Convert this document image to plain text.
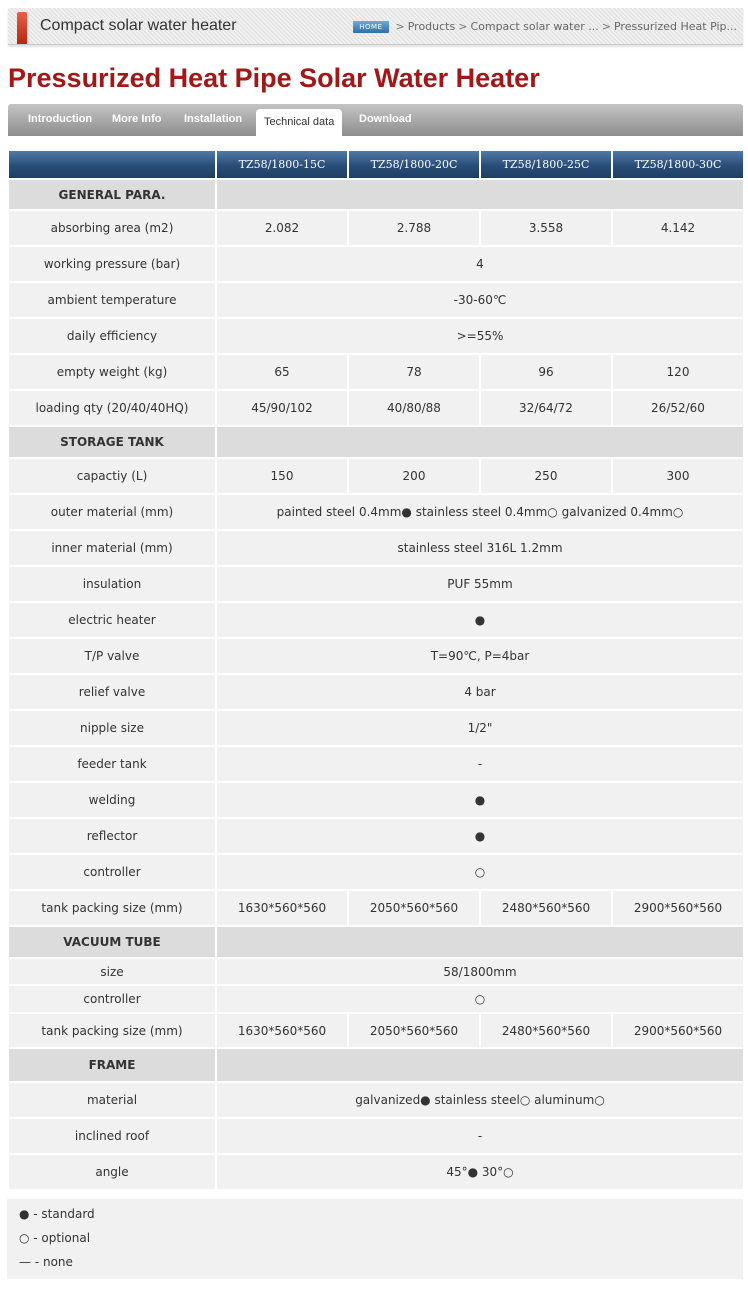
Compact solar water heater	HOME	> Products > Compact solar water ... > Pressurized Heat Pip...
Pressurized Heat Pipe Solar Water Heater
Introduction More Info Installation	Technical data	Download
	TZ58/1800-15C	TZ58/1800-20C	TZ58/1800-25C	TZ58/1800-30C
GENERAL PARA.				
absorbing area (m2)	2.082	2.788	3.558	4.142
working pressure (bar)	4			
ambient temperature	-30-60℃			
daily efficiency	>=55%			
empty weight (kg)	65	78	96	120
loading qty (20/40/40HQ)	45/90/102	40/80/88	32/64/72	26/52/60
STORAGE TANK				
capactiy (L)	150	200	250	300
outer material (mm)	painted steel 0.4mm● stainless steel 0.4mm○ galvanized 0.4mm○			
inner material (mm)	stainless steel 316L 1.2mm			
insulation	PUF 55mm			
electric heater	●			
T/P valve	T=90℃, P=4bar			
relief valve	4 bar			
nipple size	1/2"			
feeder tank	-			
welding	●			
reflector	●			
controller	○			
tank packing size (mm)	1630*560*560	2050*560*560	2480*560*560	2900*560*560
VACUUM TUBE				
size	58/1800mm			
controller	○			
tank packing size (mm)	1630*560*560	2050*560*560	2480*560*560	2900*560*560
FRAME				
material	galvanized● stainless steel○ aluminum○			
inclined roof	-			
angle	45°● 30°○			
● - standard
○ - optional
— - none
